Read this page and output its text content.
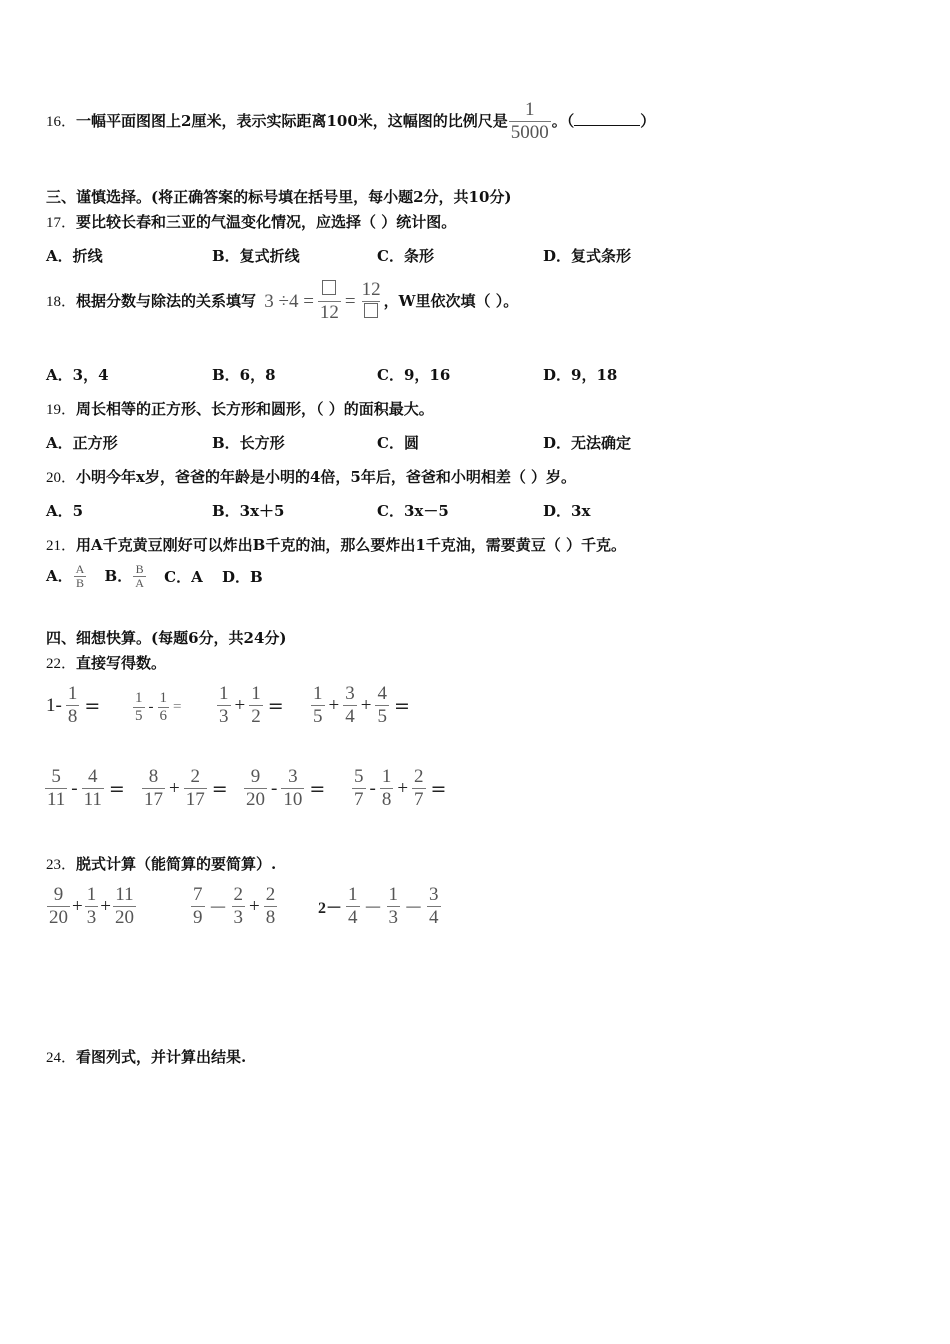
16．一幅平面图图上2厘米，表示实际距离100米，这幅图的比例尺是 $\frac{1}{5000}$ 。（	）
三、谨慎选择。(将正确答案的标号填在括号里，每小题2分，共10分)
17．要比较长春和三亚的气温变化情况，应选择（ ）统计图。
A．折线	B．复式折线	C．条形	D．复式条形
18．根据分数与除法的关系填写 3 ÷4 =
12
=
12
，W里依次填（ ）。
A．3，4	B．6，8	C．9，16	D．9，18
19．周长相等的正方形、长方形和圆形，（ ）的面积最大。
A．正方形	B．长方形	C．圆	D．无法确定
20．小明今年x岁，爸爸的年龄是小明的4倍，5年后，爸爸和小明相差（ ）岁。
A．5	B．3x＋5	C．3x－5	D．3x
21．用A千克黄豆刚好可以炸出B千克的油，那么要炸出1千克油，需要黄豆（ ）千克。
A． $\frac{A}{B}$ B． $\frac{B}{A}$ C．A D．B
四、细想快算。(每题6分，共24分)
22．直接写得数。
$1- \frac{1}{8} = \frac{1}{5} - \frac{1}{6} = \frac{1}{3} + \frac{1}{2} = \frac{1}{5} + \frac{3}{4} + \frac{4}{5}$ =
$\frac{5}{11} - \frac{4}{11} = \frac{8}{17} + \frac{2}{17} = \frac{9}{20} - \frac{3}{10} = \frac{5}{7} - \frac{1}{8} + \frac{2}{7}$ =
23．脱式计算（能简算的要简算）.
$\frac{9}{20} + \frac{1}{3} + \frac{11}{20}$	$\frac{7}{9} - \frac{2}{3} + \frac{2}{8}$	$2- \frac{1}{4} - \frac{1}{3} - \frac{3}{4}$
24．看图列式，并计算出结果.
